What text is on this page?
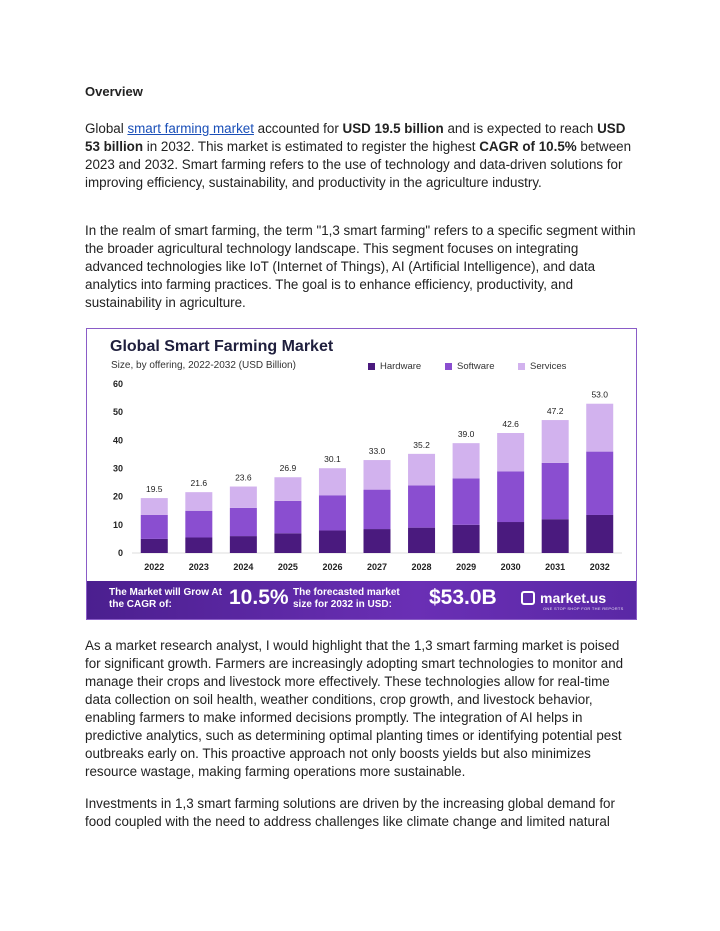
Overview

Global smart farming market accounted for USD 19.5 billion and is expected to reach USD 53 billion in 2032. This market is estimated to register the highest CAGR of 10.5% between 2023 and 2032. Smart farming refers to the use of technology and data-driven solutions for improving efficiency, sustainability, and productivity in the agriculture industry.

In the realm of smart farming, the term "1,3 smart farming" refers to a specific segment within the broader agricultural technology landscape. This segment focuses on integrating advanced technologies like IoT (Internet of Things), AI (Artificial Intelligence), and data analytics into farming practices. The goal is to enhance efficiency, productivity, and sustainability in agriculture.

As a market research analyst, I would highlight that the 1,3 smart farming market is poised for significant growth. Farmers are increasingly adopting smart technologies to monitor and manage their crops and livestock more effectively. These technologies allow for real-time data collection on soil health, weather conditions, crop growth, and livestock behavior, enabling farmers to make informed decisions promptly. The integration of AI helps in predictive analytics, such as determining optimal planting times or identifying potential pest outbreaks early on. This proactive approach not only boosts yields but also minimizes resource wastage, making farming operations more sustainable.

Investments in 1,3 smart farming solutions are driven by the increasing global demand for food coupled with the need to address challenges like climate change and limited natural

Global Smart Farming Market
Size, by offering, 2022-2032 (USD Billion)	Hardware	Software	Services
0
10
20
30
40
50
60
19.5
2022
21.6
2023
23.6
2024
26.9
2025
30.1
2026
33.0
2027
35.2
2028
39.0
2029
42.6
2030
47.2
2031
53.0
2032
The Market will Grow At the CAGR of:	10.5% The forecasted market size for 2032 in USD:	$53.0B	market.us
ONE STOP SHOP FOR THE REPORTS
